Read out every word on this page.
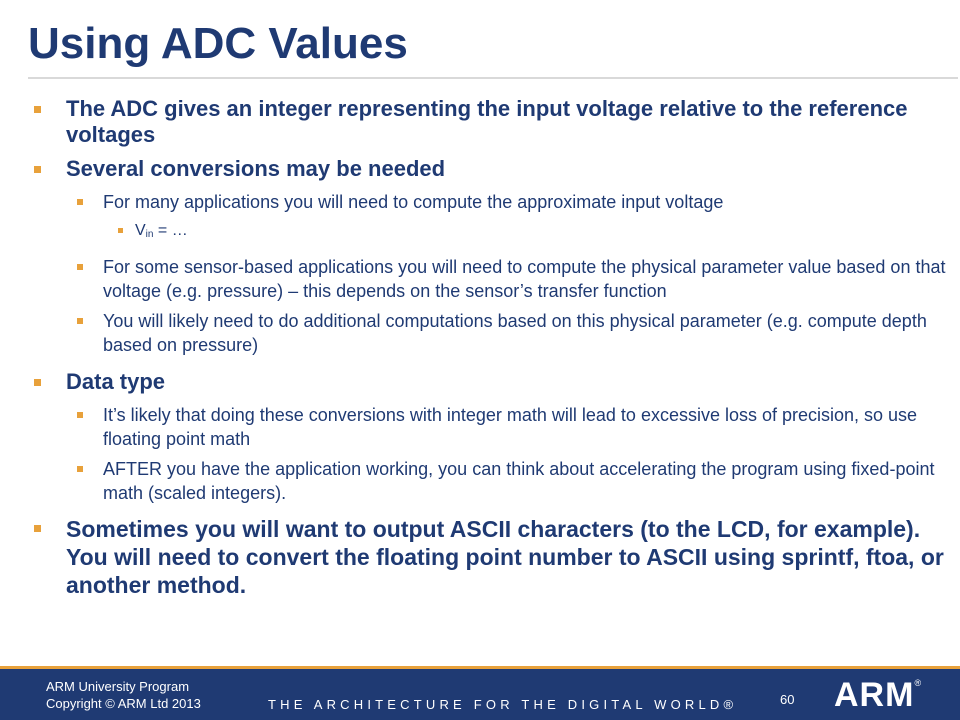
Using ADC Values
The ADC gives an integer representing the input voltage relative to the reference voltages
Several conversions may be needed
For many applications you will need to compute the approximate input voltage
$V_{in}$ = …
For some sensor-based applications you will need to compute the physical parameter value based on that voltage (e.g. pressure) – this depends on the sensor’s transfer function
You will likely need to do additional computations based on this physical parameter (e.g. compute depth based on pressure)
Data type
It’s likely that doing these conversions with integer math will lead to excessive loss of precision, so use floating point math
AFTER you have the application working, you can think about accelerating the program using fixed-point math (scaled integers).
Sometimes you will want to output ASCII characters (to the LCD, for example). You will need to convert the floating point number to ASCII using sprintf, ftoa, or another method.
ARM University Program
Copyright © ARM Ltd 2013	THE ARCHITECTURE FOR THE DIGITAL WORLD®	60 ARM®
